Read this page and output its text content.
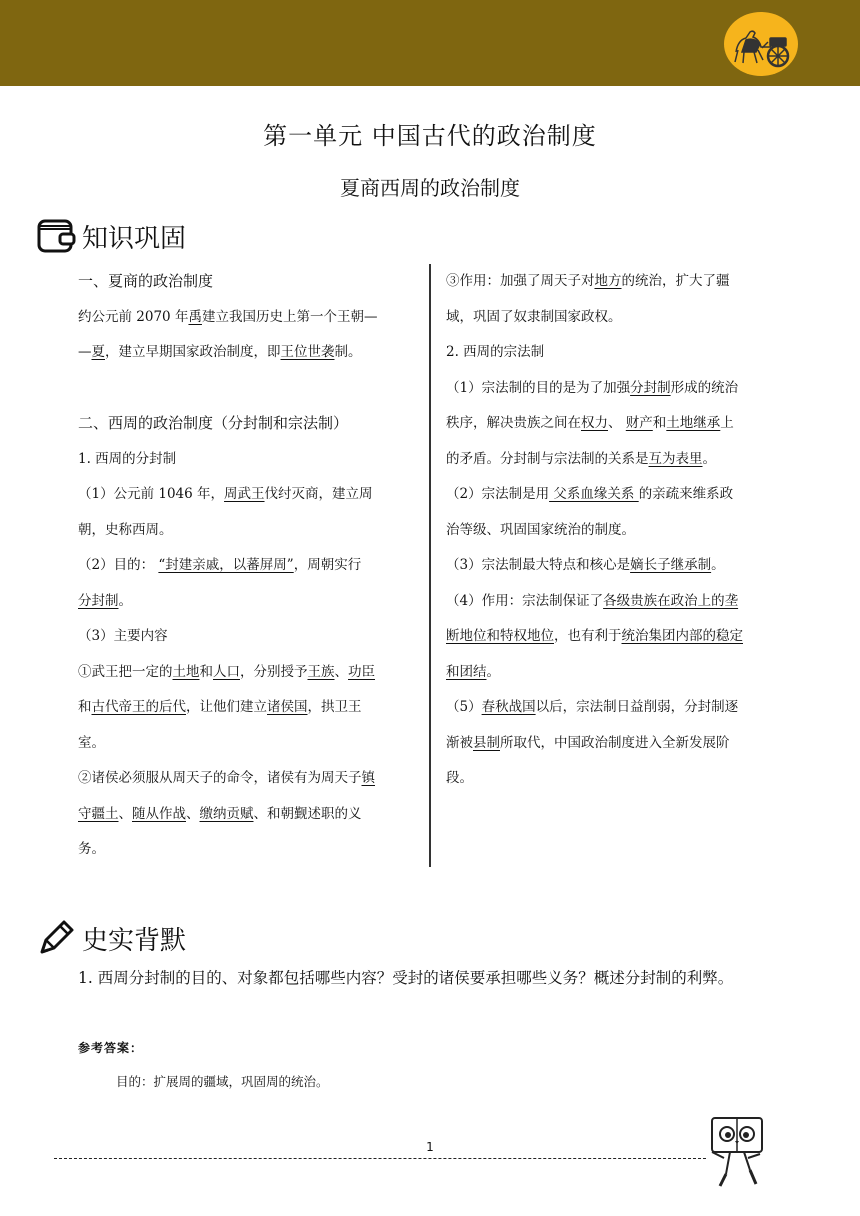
第一单元 中国古代的政治制度
夏商西周的政治制度
知识巩固

一、夏商的政治制度

约公元前 2070 年禹建立我国历史上第一个王朝—

—夏，建立早期国家政治制度，即王位世袭制。

二、西周的政治制度（分封制和宗法制）

1. 西周的分封制

（1）公元前 1046 年，周武王伐纣灭商，建立周

朝，史称西周。

（2）目的： “封建亲戚，以蕃屏周”，周朝实行

分封制。

（3）主要内容

①武王把一定的土地和人口，分别授予王族、功臣

和古代帝王的后代，让他们建立诸侯国，拱卫王

室。

②诸侯必须服从周天子的命令，诸侯有为周天子镇

守疆土、随从作战、缴纳贡赋、和朝觐述职的义

务。

③作用：加强了周天子对地方的统治，扩大了疆

域，巩固了奴隶制国家政权。

2. 西周的宗法制

（1）宗法制的目的是为了加强分封制形成的统治

秩序，解决贵族之间在权力、 财产和土地继承上

的矛盾。分封制与宗法制的关系是互为表里。

（2）宗法制是用 父系血缘关系 的亲疏来维系政

治等级、巩固国家统治的制度。

（3）宗法制最大特点和核心是嫡长子继承制。

（4）作用：宗法制保证了各级贵族在政治上的垄

断地位和特权地位，也有利于统治集团内部的稳定

和团结。

（5）春秋战国以后，宗法制日益削弱，分封制逐

渐被县制所取代，中国政治制度进入全新发展阶

段。

史实背默
1. 西周分封制的目的、对象都包括哪些内容？受封的诸侯要承担哪些义务？概述分封制的利弊。
参考答案：
目的：扩展周的疆域，巩固周的统治。
1
